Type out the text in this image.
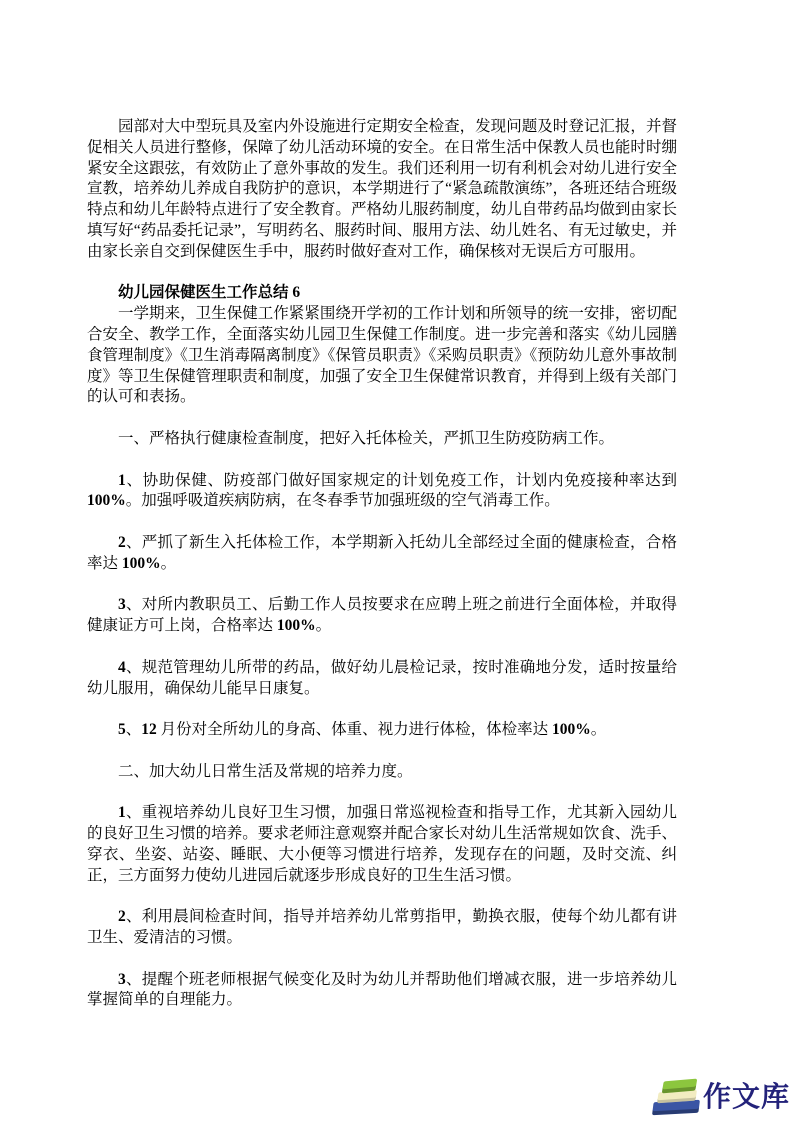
园部对大中型玩具及室内外设施进行定期安全检查，发现问题及时登记汇报，并督促相关人员进行整修，保障了幼儿活动环境的安全。在日常生活中保教人员也能时时绷紧安全这跟弦，有效防止了意外事故的发生。我们还利用一切有利机会对幼儿进行安全宣教，培养幼儿养成自我防护的意识，本学期进行了“紧急疏散演练”，各班还结合班级特点和幼儿年龄特点进行了安全教育。严格幼儿服药制度，幼儿自带药品均做到由家长填写好“药品委托记录”，写明药名、服药时间、服用方法、幼儿姓名、有无过敏史，并由家长亲自交到保健医生手中，服药时做好查对工作，确保核对无误后方可服用。

幼儿园保健医生工作总结 6

一学期来，卫生保健工作紧紧围绕开学初的工作计划和所领导的统一安排，密切配合安全、教学工作，全面落实幼儿园卫生保健工作制度。进一步完善和落实《幼儿园膳食管理制度》《卫生消毒隔离制度》《保管员职责》《采购员职责》《预防幼儿意外事故制度》等卫生保健管理职责和制度，加强了安全卫生保健常识教育，并得到上级有关部门的认可和表扬。

一、严格执行健康检查制度，把好入托体检关，严抓卫生防疫防病工作。

1、协助保健、防疫部门做好国家规定的计划免疫工作，计划内免疫接种率达到 100%。加强呼吸道疾病防病，在冬春季节加强班级的空气消毒工作。

2、严抓了新生入托体检工作，本学期新入托幼儿全部经过全面的健康检查，合格率达 100%。

3、对所内教职员工、后勤工作人员按要求在应聘上班之前进行全面体检，并取得健康证方可上岗，合格率达 100%。

4、规范管理幼儿所带的药品，做好幼儿晨检记录，按时准确地分发，适时按量给幼儿服用，确保幼儿能早日康复。

5、12 月份对全所幼儿的身高、体重、视力进行体检，体检率达 100%。

二、加大幼儿日常生活及常规的培养力度。

1、重视培养幼儿良好卫生习惯，加强日常巡视检查和指导工作，尤其新入园幼儿的良好卫生习惯的培养。要求老师注意观察并配合家长对幼儿生活常规如饮食、洗手、穿衣、坐姿、站姿、睡眠、大小便等习惯进行培养，发现存在的问题，及时交流、纠正，三方面努力使幼儿进园后就逐步形成良好的卫生生活习惯。

2、利用晨间检查时间，指导并培养幼儿常剪指甲，勤换衣服，使每个幼儿都有讲卫生、爱清洁的习惯。

3、提醒个班老师根据气候变化及时为幼儿并帮助他们增减衣服，进一步培养幼儿掌握简单的自理能力。

作文库
